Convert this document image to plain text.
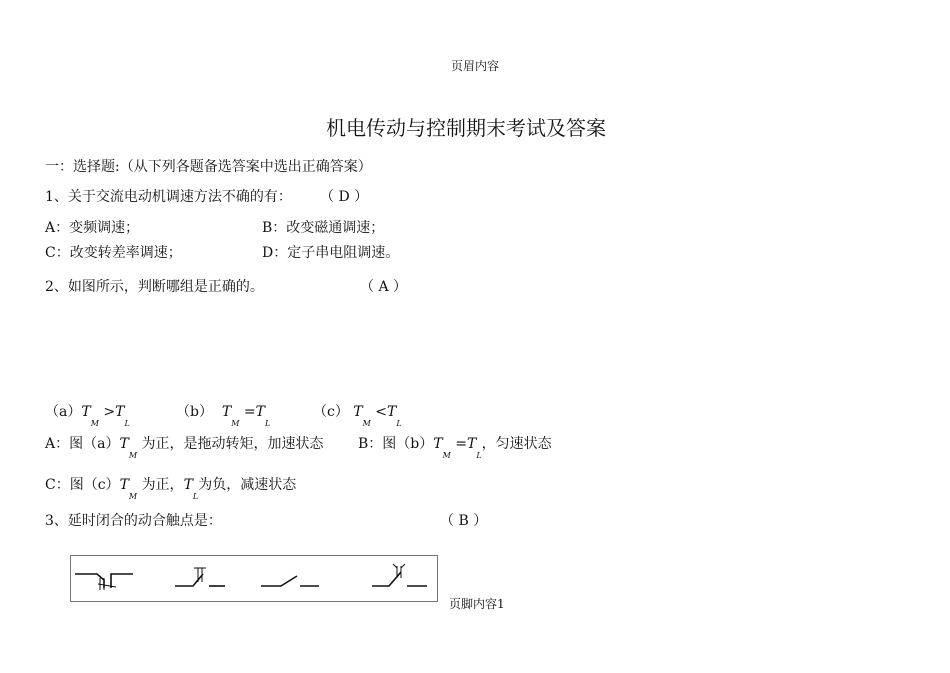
页眉内容
机电传动与控制期末考试及答案
一：选择题:（从下列各题备选答案中选出正确答案）
1、关于交流电动机调速方法不确的有： （ D ）
A：变频调速；	B：改变磁通调速；
C：改变转差率调速；	D：定子串电阻调速。
2、如图所示，判断哪组是正确的。	（ A ）
$(a)T_M >T_L$
（b） $T_M =T_L$
（c） $T_M <T_L$
A：图$(a)T_M$ 为正，是拖动转矩，加速状态 B：图$(b)T_M =T_L$，匀速状态
C：图$(c)T_M$ 为正，$T_L$为负，减速状态
3、延时闭合的动合触点是：	（ B ）
页脚内容1
